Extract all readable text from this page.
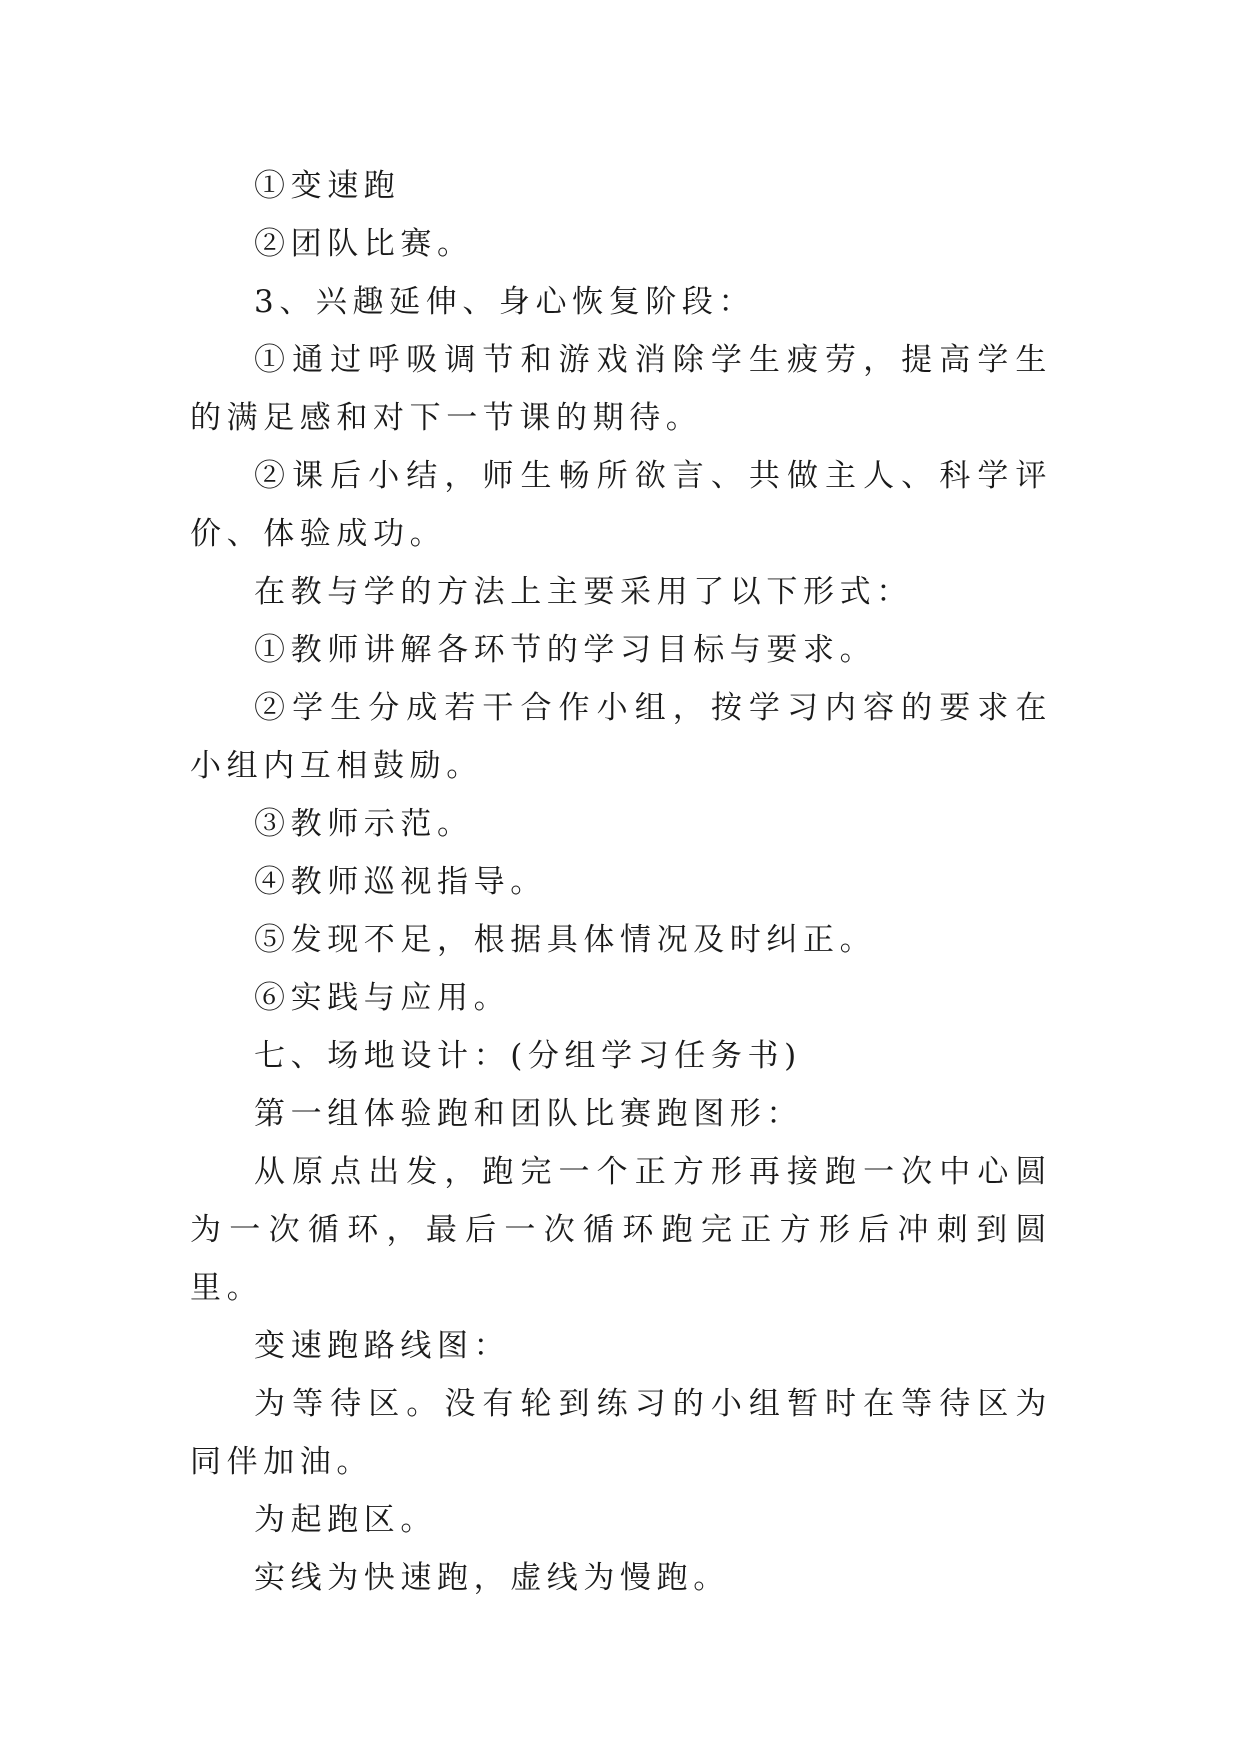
①变速跑

②团队比赛。

3、兴趣延伸、身心恢复阶段：

①通过呼吸调节和游戏消除学生疲劳，提高学生的满足感和对下一节课的期待。

②课后小结，师生畅所欲言、共做主人、科学评价、体验成功。

在教与学的方法上主要采用了以下形式：

①教师讲解各环节的学习目标与要求。

②学生分成若干合作小组，按学习内容的要求在小组内互相鼓励。

③教师示范。

④教师巡视指导。

⑤发现不足，根据具体情况及时纠正。

⑥实践与应用。

七、场地设计：(分组学习任务书)

第一组体验跑和团队比赛跑图形：

从原点出发，跑完一个正方形再接跑一次中心圆为一次循环，最后一次循环跑完正方形后冲刺到圆里。

变速跑路线图：

为等待区。没有轮到练习的小组暂时在等待区为同伴加油。

为起跑区。

实线为快速跑，虚线为慢跑。
